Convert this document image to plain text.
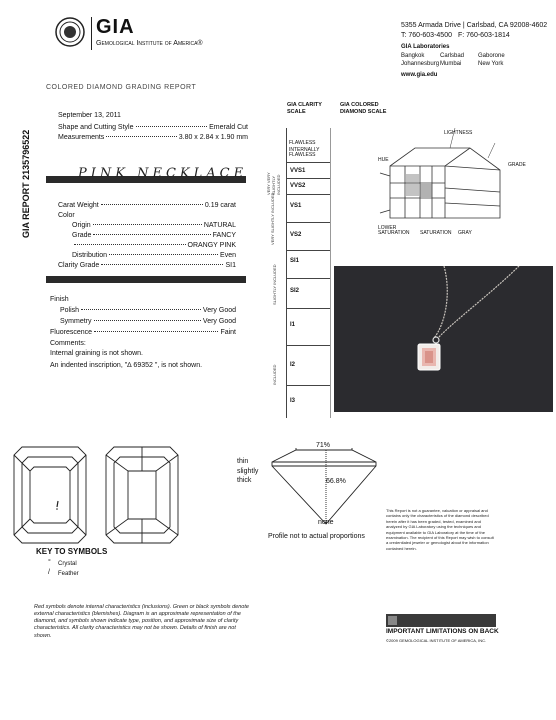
GIA
Gemological Institute of America®
5355 Armada Drive | Carlsbad, CA 92008-4602
T: 760-603-4500 F: 760-603-1814
GIA Laboratories
Bangkok	Carlsbad Gaborone
Johannesburg Mumbai	New York
www.gia.edu
COLORED DIAMOND GRADING REPORT
GIA REPORT 2135796522
September 13, 2011
Shape and Cutting Style	Emerald Cut
Measurements	3.80 x 2.84 x 1.90 mm
PINK NECKLACE
Carat Weight	0.19 carat
Color
Origin	NATURAL
Grade	FANCY
ORANGY PINK
Distribution	Even
Clarity Grade	SI1
Finish
Polish	Very Good
Symmetry	Very Good
Fluorescence	Faint
Comments:
Internal graining is not shown.
An indented inscription, "∆ 69352 ", is not shown.
GIA CLARITY SCALE
FLAWLESS
INTERNALLY FLAWLESS
VVS1
VVS2
VS1
VS2
SI1
SI2
I1
I2
I3
VERY VERY SLIGHTLY INCLUDED
VERY SLIGHTLY INCLUDED
SLIGHTLY INCLUDED
INCLUDED
GIA COLORED DIAMOND SCALE
LIGHTNESS
HUE
GRADE
LOWER SATURATION	SATURATION GRAY
KEY TO SYMBOLS
° Crystal
/ Feather
Red symbols denote internal characteristics (inclusions). Green or black symbols denote external characteristics (blemishes). Diagram is an approximate representation of the diamond, and symbols shown indicate type, position, and approximate size of clarity characteristics. All clarity characteristics may not be shown. Details of finish are not shown.
71%
66.8%
thin
slightly
thick
none
Profile not to actual proportions
This Report is not a guarantee, valuation or appraisal and contains only the characteristics of the diamond described herein after it has been graded, tested, examined and analyzed by GIA Laboratory using the techniques and equipment available to GIA Laboratory at the time of the examination. The recipient of this Report may wish to consult a credentialed jeweler or gemologist about the information contained herein.
IMPORTANT LIMITATIONS ON BACK
©2009 GEMOLOGICAL INSTITUTE OF AMERICA, INC.
